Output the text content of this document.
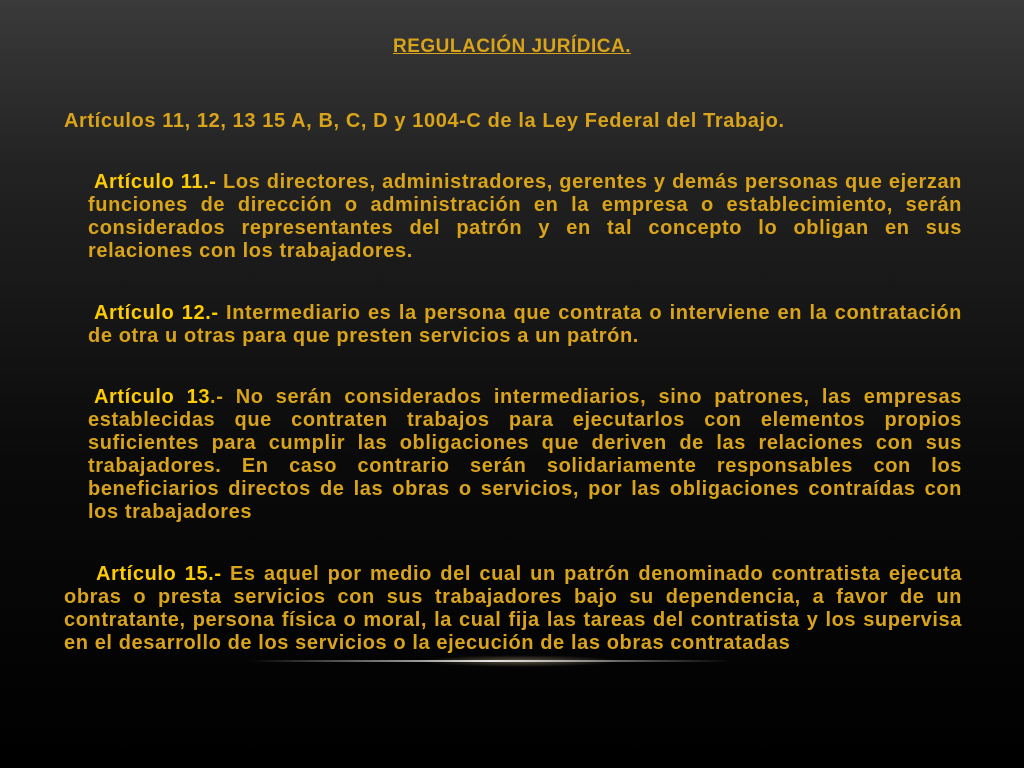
REGULACIÓN JURÍDICA.
Artículos 11, 12, 13 15 A, B, C, D y 1004-C de la Ley Federal del Trabajo.
Artículo 11.- Los directores, administradores, gerentes y demás personas que ejerzan funciones de dirección o administración en la empresa o establecimiento, serán considerados representantes del patrón y en tal concepto lo obligan en sus relaciones con los trabajadores.
Artículo 12.- Intermediario es la persona que contrata o interviene en la contratación de otra u otras para que presten servicios a un patrón.
Artículo 13.- No serán considerados intermediarios, sino patrones, las empresas establecidas que contraten trabajos para ejecutarlos con elementos propios suficientes para cumplir las obligaciones que deriven de las relaciones con sus trabajadores. En caso contrario serán solidariamente responsables con los beneficiarios directos de las obras o servicios, por las obligaciones contraídas con los trabajadores
Artículo 15.- Es aquel por medio del cual un patrón denominado contratista ejecuta obras o presta servicios con sus trabajadores bajo su dependencia, a favor de un contratante, persona física o moral, la cual fija las tareas del contratista y los supervisa en el desarrollo de los servicios o la ejecución de las obras contratadas
